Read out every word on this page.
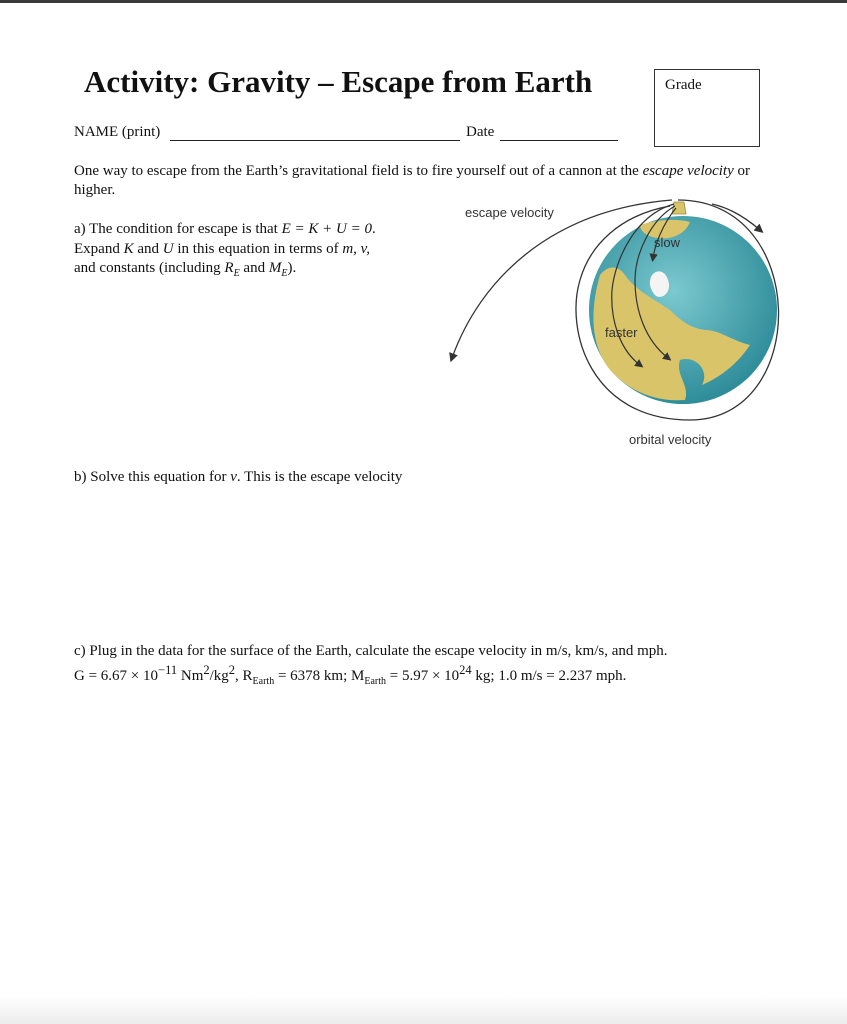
Activity: Gravity – Escape from Earth	Grade
NAME (print)	Date
One way to escape from the Earth’s gravitational field is to fire yourself out of a cannon at the escape velocity or higher.
a) The condition for escape is that E = K + U = 0.
Expand K and U in this equation in terms of m, v,
and constants (including $R_E$ and $M_E$).
b) Solve this equation for v. This is the escape velocity
c) Plug in the data for the surface of the Earth, calculate the escape velocity in m/s, km/s, and mph.
$G = 6.67 \times 10^{-11}$ $Nm^2/kg^2$, $R_{Earth} = 6378$ km; $M_{Earth} = 5.97 \times 10^{24}$ kg; 1.0 m/s = 2.237 mph.
escape velocity
slow
faster
orbital velocity
